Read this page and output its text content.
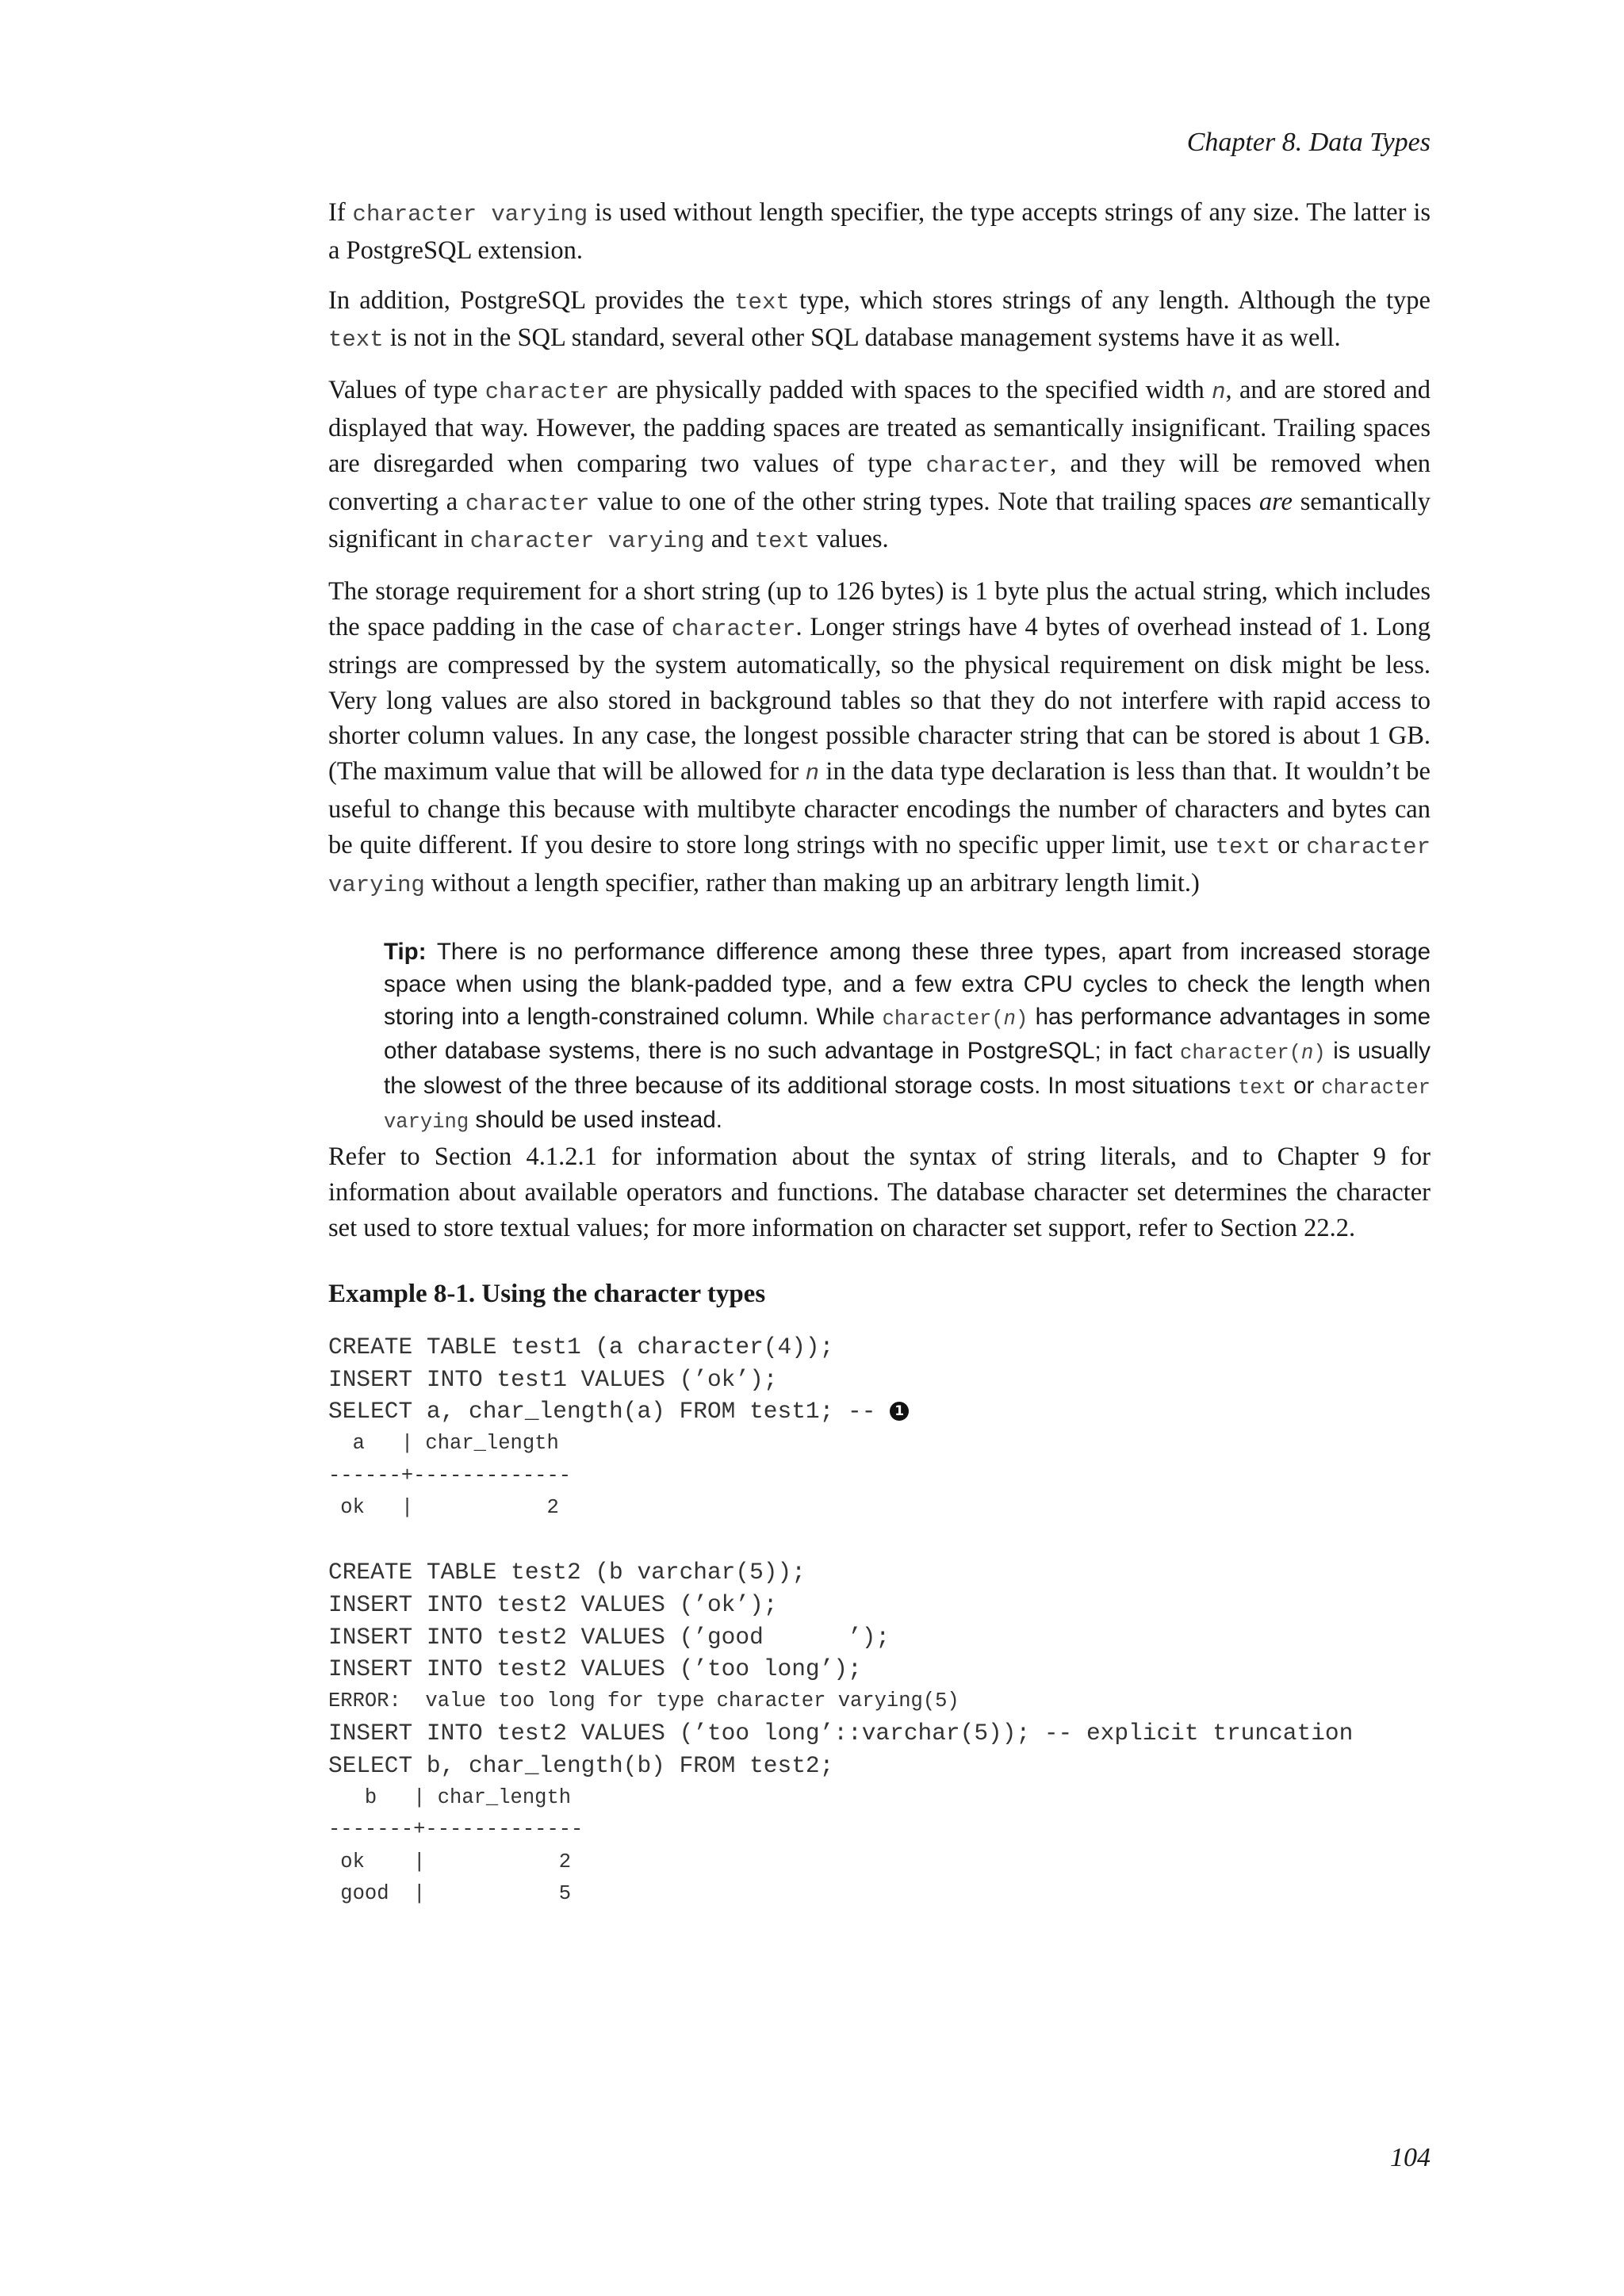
Chapter 8. Data Types

If character varying is used without length specifier, the type accepts strings of any size. The latter is a PostgreSQL extension.

In addition, PostgreSQL provides the text type, which stores strings of any length. Although the type text is not in the SQL standard, several other SQL database management systems have it as well.

Values of type character are physically padded with spaces to the specified width n, and are stored and displayed that way. However, the padding spaces are treated as semantically insignificant. Trailing spaces are disregarded when comparing two values of type character, and they will be removed when converting a character value to one of the other string types. Note that trailing spaces are semantically significant in character varying and text values.

The storage requirement for a short string (up to 126 bytes) is 1 byte plus the actual string, which includes the space padding in the case of character. Longer strings have 4 bytes of overhead instead of 1. Long strings are compressed by the system automatically, so the physical requirement on disk might be less. Very long values are also stored in background tables so that they do not interfere with rapid access to shorter column values. In any case, the longest possible character string that can be stored is about 1 GB. (The maximum value that will be allowed for n in the data type declaration is less than that. It wouldn’t be useful to change this because with multibyte character encodings the number of characters and bytes can be quite different. If you desire to store long strings with no specific upper limit, use text or character varying without a length specifier, rather than making up an arbitrary length limit.)

Tip: There is no performance difference among these three types, apart from increased storage space when using the blank-padded type, and a few extra CPU cycles to check the length when storing into a length-constrained column. While character(n) has performance advantages in some other database systems, there is no such advantage in PostgreSQL; in fact character(n) is usually the slowest of the three because of its additional storage costs. In most situations text or character varying should be used instead.

Refer to Section 4.1.2.1 for information about the syntax of string literals, and to Chapter 9 for information about available operators and functions. The database character set determines the character set used to store textual values; for more information on character set support, refer to Section 22.2.

Example 8-1. Using the character types
CREATE TABLE test1 (a character(4));
INSERT INTO test1 VALUES (’ok’);
SELECT a, char_length(a) FROM test1; -- 1
a   | char_length
------+-------------
ok   |           2
CREATE TABLE test2 (b varchar(5));
INSERT INTO test2 VALUES (’ok’);
INSERT INTO test2 VALUES (’good      ’);
INSERT INTO test2 VALUES (’too long’);
ERROR:  value too long for type character varying(5)
INSERT INTO test2 VALUES (’too long’::varchar(5)); -- explicit truncation
SELECT b, char_length(b) FROM test2;
b   | char_length
-------+-------------
ok    |           2
good  |           5
104
